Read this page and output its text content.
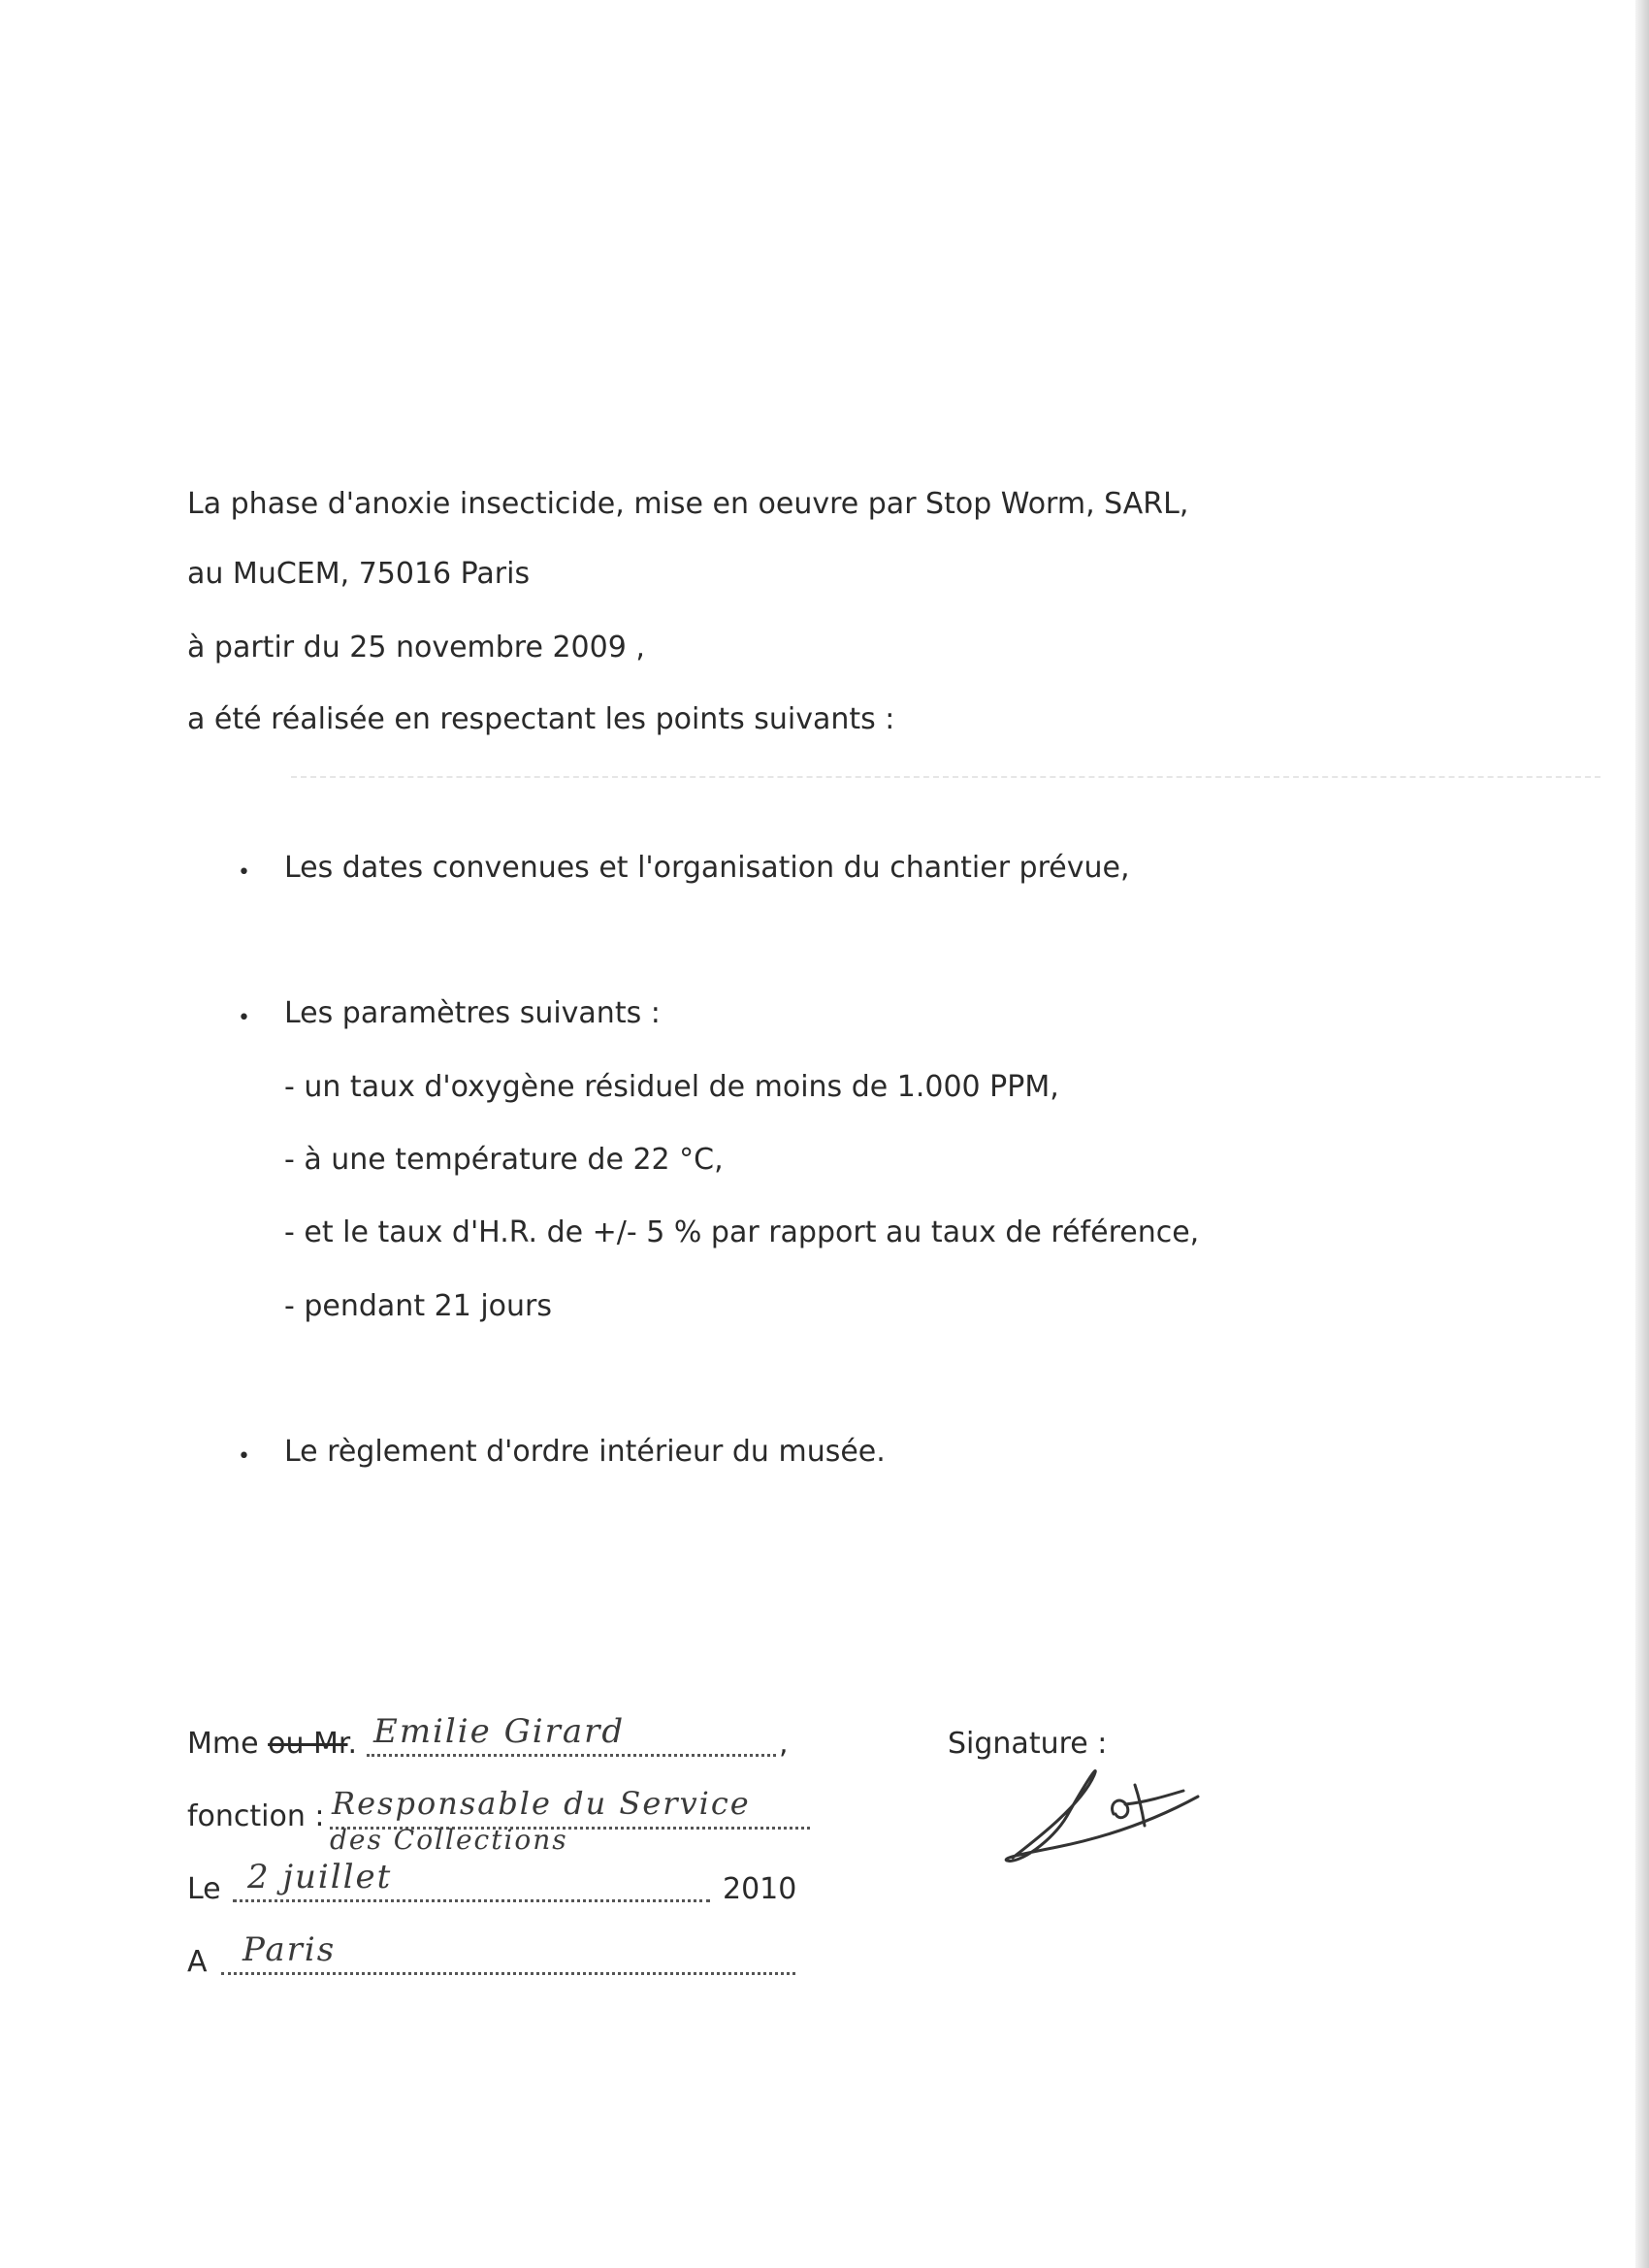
La phase d'anoxie insecticide, mise en oeuvre par Stop Worm, SARL,
au MuCEM, 75016 Paris
à partir du 25 novembre 2009 ,
a été réalisée en respectant les points suivants :
• Les dates convenues et l'organisation du chantier prévue,
• Les paramètres suivants :
- un taux d'oxygène résiduel de moins de 1.000 PPM,
- à une température de 22 °C,
- et le taux d'H.R. de +/- 5 % par rapport au taux de référence,
- pendant 21 jours
• Le règlement d'ordre intérieur du musée.
Mme ou Mr. Emilie Girard	,
fonction : Responsable du Service
des Collections
Le 2 juillet	2010
A Paris
Signature :
